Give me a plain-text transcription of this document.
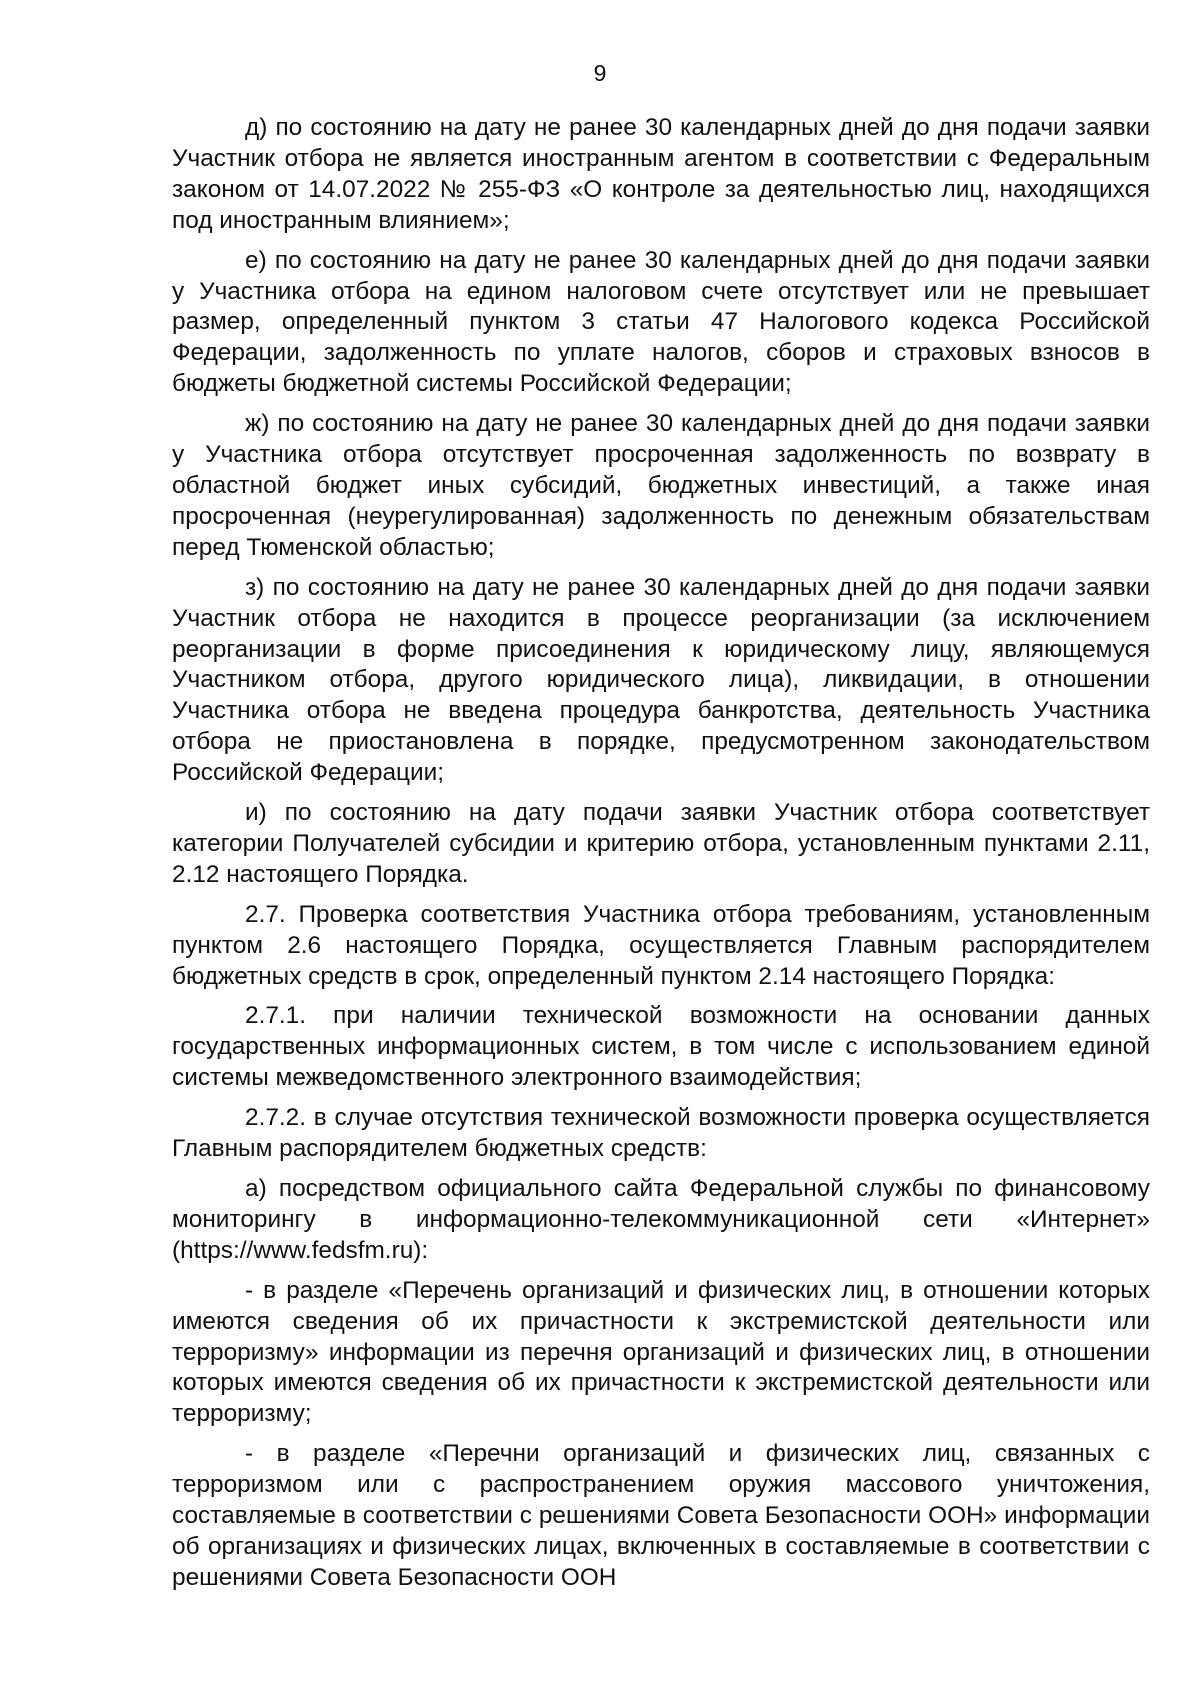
9

д) по состоянию на дату не ранее 30 календарных дней до дня подачи заявки Участник отбора не является иностранным агентом в соответствии с Федеральным законом от 14.07.2022 № 255-ФЗ «О контроле за деятельностью лиц, находящихся под иностранным влиянием»;

е) по состоянию на дату не ранее 30 календарных дней до дня подачи заявки у Участника отбора на едином налоговом счете отсутствует или не превышает размер, определенный пунктом 3 статьи 47 Налогового кодекса Российской Федерации, задолженность по уплате налогов, сборов и страховых взносов в бюджеты бюджетной системы Российской Федерации;

ж) по состоянию на дату не ранее 30 календарных дней до дня подачи заявки у Участника отбора отсутствует просроченная задолженность по возврату в областной бюджет иных субсидий, бюджетных инвестиций, а также иная просроченная (неурегулированная) задолженность по денежным обязательствам перед Тюменской областью;

з) по состоянию на дату не ранее 30 календарных дней до дня подачи заявки Участник отбора не находится в процессе реорганизации (за исключением реорганизации в форме присоединения к юридическому лицу, являющемуся Участником отбора, другого юридического лица), ликвидации, в отношении Участника отбора не введена процедура банкротства, деятельность Участника отбора не приостановлена в порядке, предусмотренном законодательством Российской Федерации;

и) по состоянию на дату подачи заявки Участник отбора соответствует категории Получателей субсидии и критерию отбора, установленным пунктами 2.11, 2.12 настоящего Порядка.

2.7. Проверка соответствия Участника отбора требованиям, установленным пунктом 2.6 настоящего Порядка, осуществляется Главным распорядителем бюджетных средств в срок, определенный пунктом 2.14 настоящего Порядка:

2.7.1. при наличии технической возможности на основании данных государственных информационных систем, в том числе с использованием единой системы межведомственного электронного взаимодействия;

2.7.2. в случае отсутствия технической возможности проверка осуществляется Главным распорядителем бюджетных средств:

а) посредством официального сайта Федеральной службы по финансовому мониторингу в информационно-телекоммуникационной сети «Интернет» (https://www.fedsfm.ru):

- в разделе «Перечень организаций и физических лиц, в отношении которых имеются сведения об их причастности к экстремистской деятельности или терроризму» информации из перечня организаций и физических лиц, в отношении которых имеются сведения об их причастности к экстремистской деятельности или терроризму;

- в разделе «Перечни организаций и физических лиц, связанных с терроризмом или с распространением оружия массового уничтожения, составляемые в соответствии с решениями Совета Безопасности ООН» информации об организациях и физических лицах, включенных в составляемые в соответствии с решениями Совета Безопасности ООН
